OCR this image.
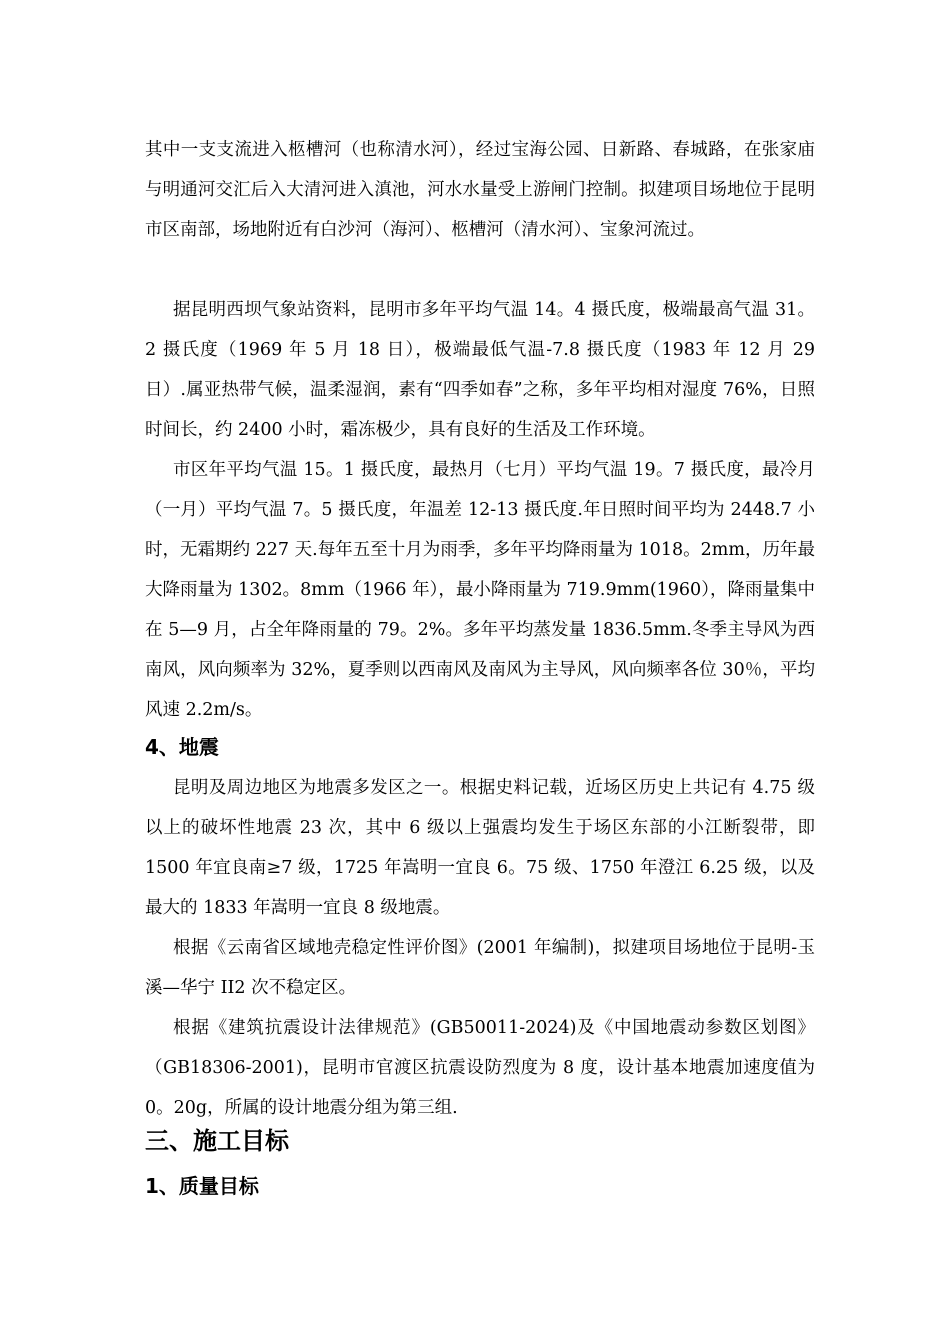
其中一支支流进入柩槽河（也称清水河），经过宝海公园、日新路、春城路，在张家庙与明通河交汇后入大清河进入滇池，河水水量受上游闸门控制。拟建项目场地位于昆明市区南部，场地附近有白沙河（海河）、柩槽河（清水河）、宝象河流过。

据昆明西坝气象站资料，昆明市多年平均气温 14。4 摄氏度，极端最高气温 31。2 摄氏度（1969 年 5 月 18 日），极端最低气温-7.8 摄氏度（1983 年 12 月 29 日）.属亚热带气候，温柔湿润，素有“四季如春”之称，多年平均相对湿度 76%，日照时间长，约 2400 小时，霜冻极少，具有良好的生活及工作环境。

市区年平均气温 15。1 摄氏度，最热月（七月）平均气温 19。7 摄氏度，最冷月（一月）平均气温 7。5 摄氏度，年温差 12-13 摄氏度.年日照时间平均为 2448.7 小时，无霜期约 227 天.每年五至十月为雨季，多年平均降雨量为 1018。2mm，历年最大降雨量为 1302。8mm（1966 年），最小降雨量为 719.9mm(1960），降雨量集中在 5—9 月，占全年降雨量的 79。2%。多年平均蒸发量 1836.5mm.冬季主导风为西南风，风向频率为 32%，夏季则以西南风及南风为主导风，风向频率各位 30％，平均风速 2.2m/s。

4、地震

昆明及周边地区为地震多发区之一。根据史料记载，近场区历史上共记有 4.75 级以上的破坏性地震 23 次，其中 6 级以上强震均发生于场区东部的小江断裂带，即 1500 年宜良南≥7 级，1725 年嵩明一宜良 6。75 级、1750 年澄江 6.25 级，以及最大的 1833 年嵩明一宜良 8 级地震。

根据《云南省区域地壳稳定性评价图》(2001 年编制)，拟建项目场地位于昆明-玉溪—华宁 II2 次不稳定区。

根据《建筑抗震设计法律规范》(GB50011-2024)及《中国地震动参数区划图》（GB18306-2001)，昆明市官渡区抗震设防烈度为 8 度，设计基本地震加速度值为 0。20g，所属的设计地震分组为第三组.

三、施工目标
1、质量目标
